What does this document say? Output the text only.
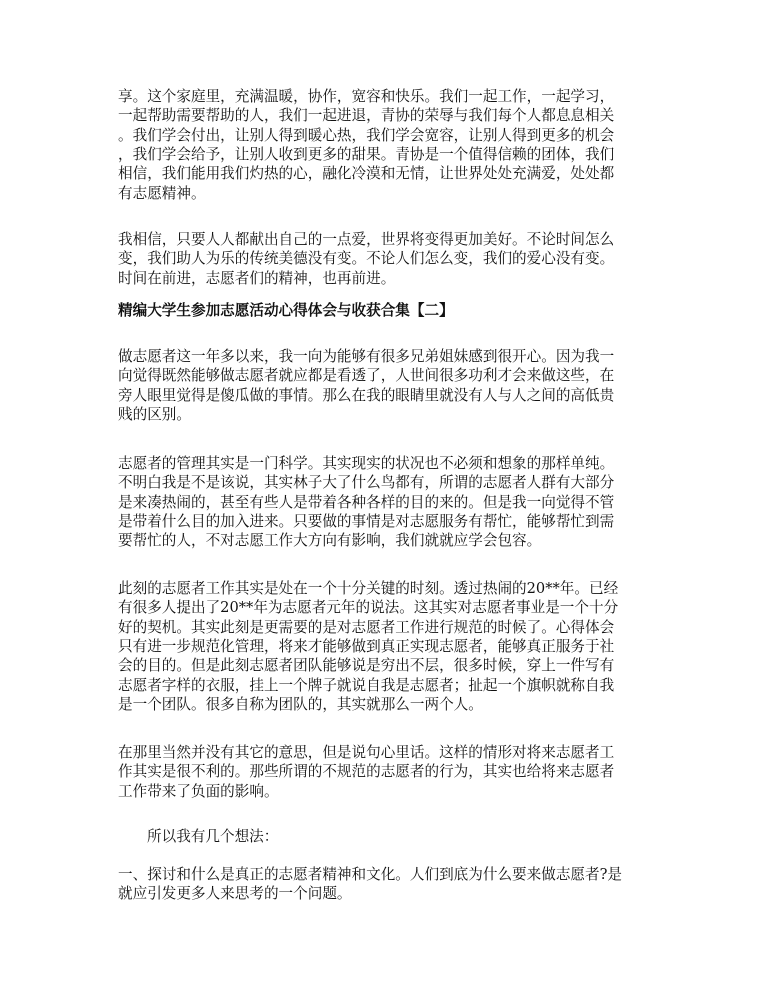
享。这个家庭里，充满温暖，协作，宽容和快乐。我们一起工作，一起学习，
一起帮助需要帮助的人，我们一起进退，青协的荣辱与我们每个人都息息相关
。我们学会付出，让别人得到暖心热，我们学会宽容，让别人得到更多的机会
，我们学会给予，让别人收到更多的甜果。青协是一个值得信赖的团体，我们
相信，我们能用我们灼热的心，融化冷漠和无情，让世界处处充满爱，处处都
有志愿精神。
我相信，只要人人都献出自己的一点爱，世界将变得更加美好。不论时间怎么
变，我们助人为乐的传统美德没有变。不论人们怎么变，我们的爱心没有变。
时间在前进，志愿者们的精神，也再前进。
精编大学生参加志愿活动心得体会与收获合集【二】
做志愿者这一年多以来，我一向为能够有很多兄弟姐妹感到很开心。因为我一
向觉得既然能够做志愿者就应都是看透了，人世间很多功利才会来做这些，在
旁人眼里觉得是傻瓜做的事情。那么在我的眼睛里就没有人与人之间的高低贵
贱的区别。
志愿者的管理其实是一门科学。其实现实的状况也不必须和想象的那样单纯。
不明白我是不是该说，其实林子大了什么鸟都有，所谓的志愿者人群有大部分
是来凑热闹的，甚至有些人是带着各种各样的目的来的。但是我一向觉得不管
是带着什么目的加入进来。只要做的事情是对志愿服务有帮忙，能够帮忙到需
要帮忙的人，不对志愿工作大方向有影响，我们就就应学会包容。
此刻的志愿者工作其实是处在一个十分关键的时刻。透过热闹的20**年。已经
有很多人提出了20**年为志愿者元年的说法。这其实对志愿者事业是一个十分
好的契机。其实此刻是更需要的是对志愿者工作进行规范的时候了。心得体会
只有进一步规范化管理，将来才能够做到真正实现志愿者，能够真正服务于社
会的目的。但是此刻志愿者团队能够说是穷出不层，很多时候，穿上一件写有
志愿者字样的衣服，挂上一个牌子就说自我是志愿者；扯起一个旗帜就称自我
是一个团队。很多自称为团队的，其实就那么一两个人。
在那里当然并没有其它的意思，但是说句心里话。这样的情形对将来志愿者工
作其实是很不利的。那些所谓的不规范的志愿者的行为，其实也给将来志愿者
工作带来了负面的影响。
所以我有几个想法：
一、探讨和什么是真正的志愿者精神和文化。人们到底为什么要来做志愿者?是
就应引发更多人来思考的一个问题。
